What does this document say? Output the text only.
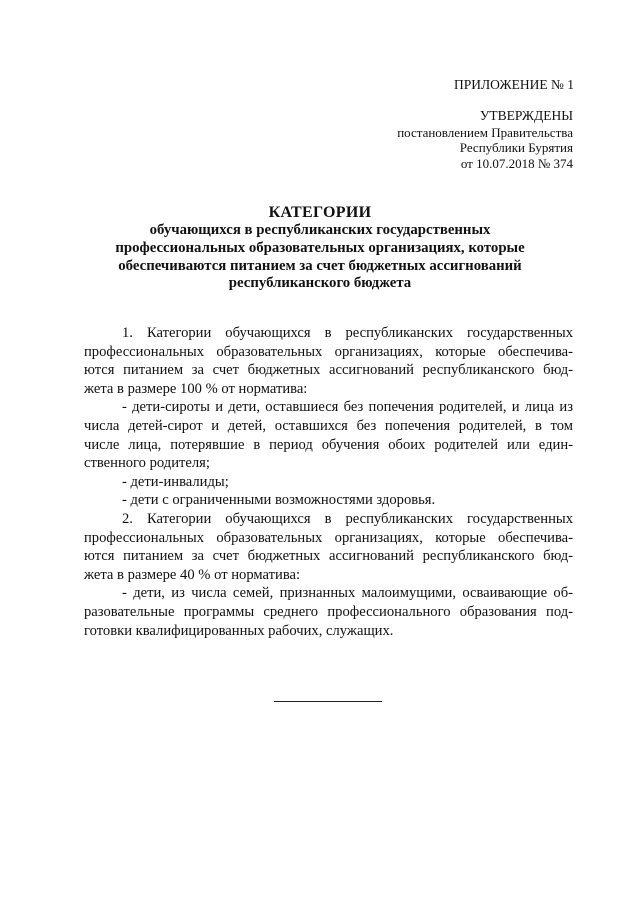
ПРИЛОЖЕНИЕ № 1
УТВЕРЖДЕНЫ
постановлением Правительства
Республики Бурятия
от 10.07.2018 № 374
КАТЕГОРИИ
обучающихся в республиканских государственных
профессиональных образовательных организациях, которые
обеспечиваются питанием за счет бюджетных ассигнований
республиканского бюджета
1. Категории обучающихся в республиканских государственных
профессиональных образовательных организациях, которые обеспечива-
ются питанием за счет бюджетных ассигнований республиканского бюд-
жета в размере 100 % от норматива:
- дети-сироты и дети, оставшиеся без попечения родителей, и лица из
числа детей-сирот и детей, оставшихся без попечения родителей, в том
числе лица, потерявшие в период обучения обоих родителей или един-
ственного родителя;
- дети-инвалиды;
- дети с ограниченными возможностями здоровья.
2. Категории обучающихся в республиканских государственных
профессиональных образовательных организациях, которые обеспечива-
ются питанием за счет бюджетных ассигнований республиканского бюд-
жета в размере 40 % от норматива:
- дети, из числа семей, признанных малоимущими, осваивающие об-
разовательные программы среднего профессионального образования под-
готовки квалифицированных рабочих, служащих.
